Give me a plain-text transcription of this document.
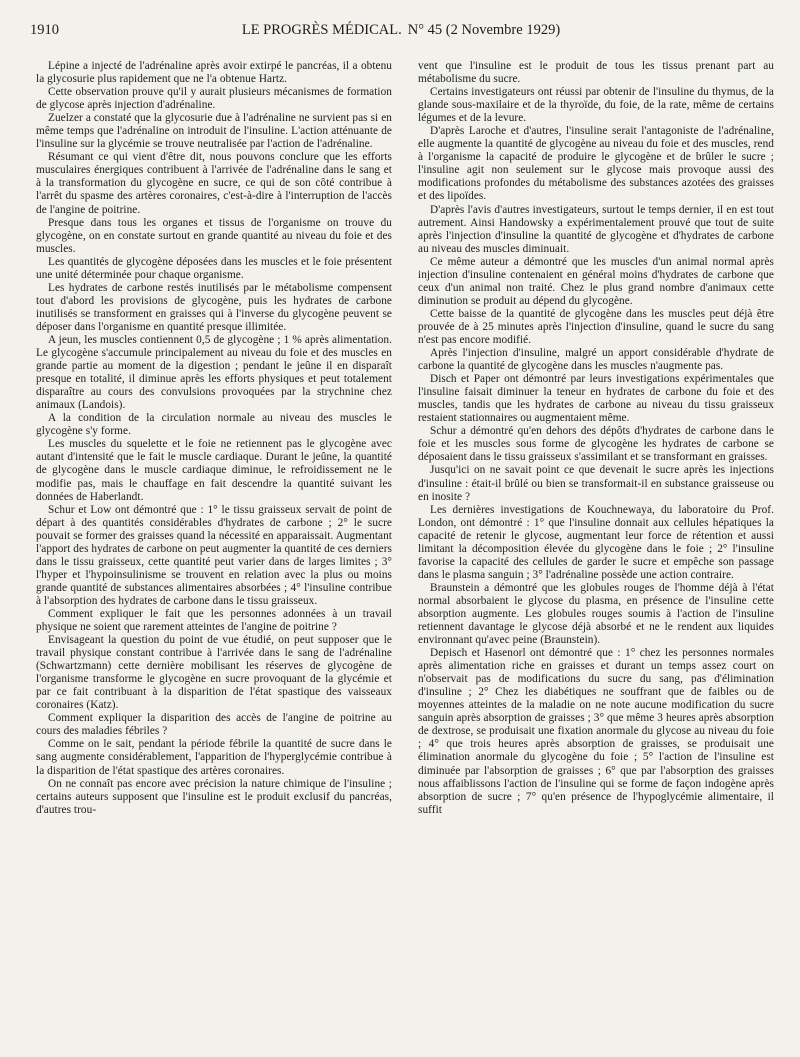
1910	LE PROGRÈS MÉDICAL. N° 45 (2 Novembre 1929)

Lépine a injecté de l'adrénaline après avoir extirpé le pancréas, il a obtenu la glycosurie plus rapidement que ne l'a obtenue Hartz.

Cette observation prouve qu'il y aurait plusieurs mécanismes de formation de glycose après injection d'adrénaline.

Zuelzer a constaté que la glycosurie due à l'adrénaline ne survient pas si en même temps que l'adrénaline on introduit de l'insuline. L'action atténuante de l'insuline sur la glycémie se trouve neutralisée par l'action de l'adrénaline.

Résumant ce qui vient d'être dit, nous pouvons conclure que les efforts musculaires énergiques contribuent à l'arrivée de l'adrénaline dans le sang et à la transformation du glycogène en sucre, ce qui de son côté contribue à l'arrêt du spasme des artères coronaires, c'est-à-dire à l'interruption de l'accès de l'angine de poitrine.

Presque dans tous les organes et tissus de l'organisme on trouve du glycogène, on en constate surtout en grande quantité au niveau du foie et des muscles.

Les quantités de glycogène déposées dans les muscles et le foie présentent une unité déterminée pour chaque organisme.

Les hydrates de carbone restés inutilisés par le métabolisme compensent tout d'abord les provisions de glycogène, puis les hydrates de carbone inutilisés se transforment en graisses qui à l'inverse du glycogène peuvent se déposer dans l'organisme en quantité presque illimitée.

A jeun, les muscles contiennent 0,5 de glycogène ; 1 % après alimentation. Le glycogène s'accumule principalement au niveau du foie et des muscles en grande partie au moment de la digestion ; pendant le jeûne il en disparaît presque en totalité, il diminue après les efforts physiques et peut totalement disparaître au cours des convulsions provoquées par la strychnine chez animaux (Landois).

A la condition de la circulation normale au niveau des muscles le glycogène s'y forme.

Les muscles du squelette et le foie ne retiennent pas le glycogène avec autant d'intensité que le fait le muscle cardiaque. Durant le jeûne, la quantité de glycogène dans le muscle cardiaque diminue, le refroidissement ne le modifie pas, mais le chauffage en fait descendre la quantité suivant les données de Haberlandt.

Schur et Low ont démontré que : 1° le tissu graisseux servait de point de départ à des quantités considérables d'hydrates de carbone ; 2° le sucre pouvait se former des graisses quand la nécessité en apparaissait. Augmentant l'apport des hydrates de carbone on peut augmenter la quantité de ces derniers dans le tissu graisseux, cette quantité peut varier dans de larges limites ; 3° l'hyper et l'hypoinsulinisme se trouvent en relation avec la plus ou moins grande quantité de substances alimentaires absorbées ; 4° l'insuline contribue à l'absorption des hydrates de carbone dans le tissu graisseux.

Comment expliquer le fait que les personnes adonnées à un travail physique ne soient que rarement atteintes de l'angine de poitrine ?

Envisageant la question du point de vue étudié, on peut supposer que le travail physique constant contribue à l'arrivée dans le sang de l'adrénaline (Schwartzmann) cette dernière mobilisant les réserves de glycogène de l'organisme transforme le glycogène en sucre provoquant de la glycémie et par ce fait contribuant à la disparition de l'état spastique des vaisseaux coronaires (Katz).

Comment expliquer la disparition des accès de l'angine de poitrine au cours des maladies fébriles ?

Comme on le sait, pendant la période fébrile la quantité de sucre dans le sang augmente considérablement, l'apparition de l'hyperglycémie contribue à la disparition de l'état spastique des artères coronaires.

On ne connaît pas encore avec précision la nature chimique de l'insuline ; certains auteurs supposent que l'insuline est le produit exclusif du pancréas, d'autres trou-

vent que l'insuline est le produit de tous les tissus prenant part au métabolisme du sucre.

Certains investigateurs ont réussi par obtenir de l'insuline du thymus, de la glande sous-maxilaire et de la thyroïde, du foie, de la rate, même de certains légumes et de la levure.

D'après Laroche et d'autres, l'insuline serait l'antagoniste de l'adrénaline, elle augmente la quantité de glycogène au niveau du foie et des muscles, rend à l'organisme la capacité de produire le glycogène et de brûler le sucre ; l'insuline agit non seulement sur le glycose mais provoque aussi des modifications profondes du métabolisme des substances azotées des graisses et des lipoïdes.

D'après l'avis d'autres investigateurs, surtout le temps dernier, il en est tout autrement. Ainsi Handowsky a expérimentalement prouvé que tout de suite après l'injection d'insuline la quantité de glycogène et d'hydrates de carbone au niveau des muscles diminuait.

Ce même auteur a démontré que les muscles d'un animal normal après injection d'insuline contenaient en général moins d'hydrates de carbone que ceux d'un animal non traité. Chez le plus grand nombre d'animaux cette diminution se produit au dépend du glycogène.

Cette baisse de la quantité de glycogène dans les muscles peut déjà être prouvée de à 25 minutes après l'injection d'insuline, quand le sucre du sang n'est pas encore modifié.

Après l'injection d'insuline, malgré un apport considérable d'hydrate de carbone la quantité de glycogène dans les muscles n'augmente pas.

Disch et Paper ont démontré par leurs investigations expérimentales que l'insuline faisait diminuer la teneur en hydrates de carbone du foie et des muscles, tandis que les hydrates de carbone au niveau du tissu graisseux restaient stationnaires ou augmentaient même.

Schur a démontré qu'en dehors des dépôts d'hydrates de carbone dans le foie et les muscles sous forme de glycogène les hydrates de carbone se déposaient dans le tissu graisseux s'assimilant et se transformant en graisses.

Jusqu'ici on ne savait point ce que devenait le sucre après les injections d'insuline : était-il brûlé ou bien se transformait-il en substance graisseuse ou en inosite ?

Les dernières investigations de Kouchnewaya, du laboratoire du Prof. London, ont démontré : 1° que l'insuline donnait aux cellules hépatiques la capacité de retenir le glycose, augmentant leur force de rétention et aussi limitant la décomposition élevée du glycogène dans le foie ; 2° l'insuline favorise la capacité des cellules de garder le sucre et empêche son passage dans le plasma sanguin ; 3° l'adrénaline possède une action contraire.

Braunstein a démontré que les globules rouges de l'homme déjà à l'état normal absorbaient le glycose du plasma, en présence de l'insuline cette absorption augmente. Les globules rouges soumis à l'action de l'insuline retiennent davantage le glycose déjà absorbé et ne le rendent aux liquides environnant qu'avec peine (Braunstein).

Depisch et Hasenorl ont démontré que : 1° chez les personnes normales après alimentation riche en graisses et durant un temps assez court on n'observait pas de modifications du sucre du sang, pas d'élimination d'insuline ; 2° Chez les diabétiques ne souffrant que de faibles ou de moyennes atteintes de la maladie on ne note aucune modification du sucre sanguin après absorption de graisses ; 3° que même 3 heures après absorption de dextrose, se produisait une fixation anormale du glycose au niveau du foie ; 4° que trois heures après absorption de graisses, se produisait une élimination anormale du glycogène du foie ; 5° l'action de l'insuline est diminuée par l'absorption de graisses ; 6° que par l'absorption des graisses nous affaiblissons l'action de l'insuline qui se forme de façon indogène après absorption de sucre ; 7° qu'en présence de l'hypoglycémie alimentaire, il suffit
